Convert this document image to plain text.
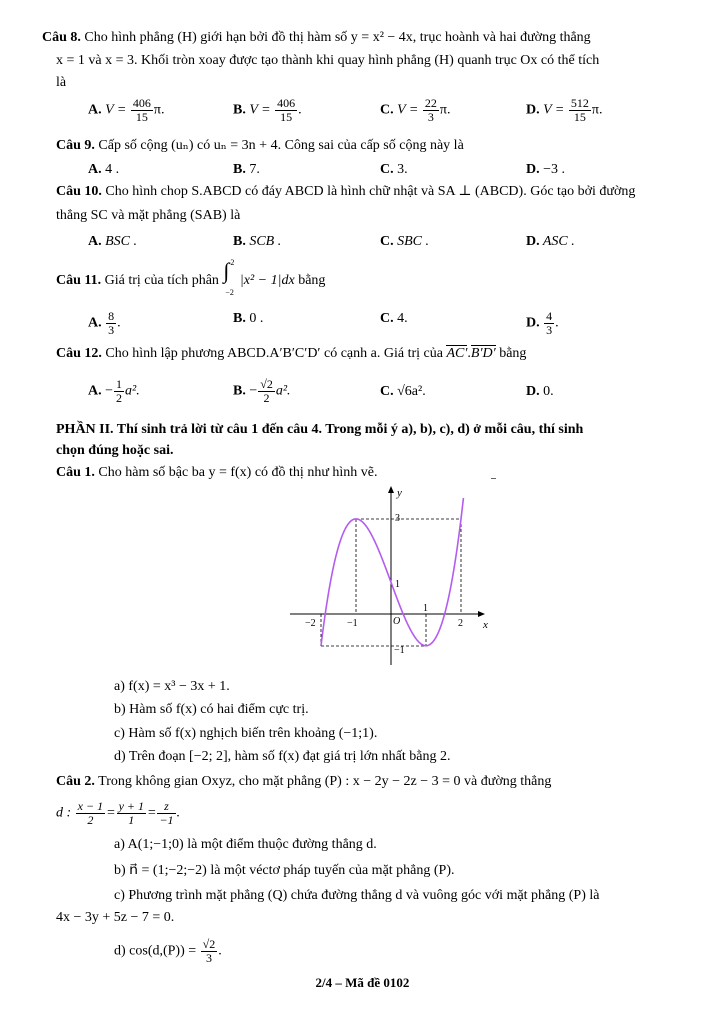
Câu 8. Cho hình phẳng (H) giới hạn bởi đồ thị hàm số y = x² − 4x, trục hoành và hai đường thẳng
x = 1 và x = 3. Khối tròn xoay được tạo thành khi quay hình phẳng (H) quanh trục Ox có thể tích
là
A. $V = \frac{406}{15} \pi$.	B. $V = \frac{406}{15}$ .	C. $V = \frac{22}{3} \pi$.	D. $V = \frac{512}{15} \pi$.
Câu 9. Cấp số cộng (uₙ) có uₙ = 3n + 4. Công sai của cấp số cộng này là
A. 4 .	B. 7.	C. 3.	D. −3 .
Câu 10. Cho hình chop S.ABCD có đáy ABCD là hình chữ nhật và SA ⊥ (ABCD). Góc tạo bởi đường
thẳng SC và mặt phẳng (SAB) là
A. BSC .	B. SCB .	C. SBC .	D. ASC .
Câu 11. Giá trị của tích phân ∫ 2
−2
|x² − 1|dx bằng
A. $\frac{8}{3}$ .	B. 0 .	C. 4.	D. $\frac{4}{3}$ .
Câu 12. Cho hình lập phương ABCD.A′B′C′D′ có cạnh a. Giá trị của AC′.B′D′ bằng
A. − $\frac{1}{2} a^2$.	B. − $\frac{√2}{2} a^2$.	C. √6a².	D. 0.
PHẦN II. Thí sinh trả lời từ câu 1 đến câu 4. Trong mỗi ý a), b), c), d) ở mỗi câu, thí sinh
chọn đúng hoặc sai.
Câu 1. Cho hàm số bậc ba y = f(x) có đồ thị như hình vẽ.
y
x
O
−2	−1
1
2
3
1
−1
a) f(x) = x³ − 3x + 1.
b) Hàm số f(x) có hai điểm cực trị.
c) Hàm số f(x) nghịch biến trên khoảng (−1;1).
d) Trên đoạn [−2; 2], hàm số f(x) đạt giá trị lớn nhất bằng 2.
Câu 2. Trong không gian Oxyz, cho mặt phẳng (P) : x − 2y − 2z − 3 = 0 và đường thẳng
d : $\frac{x - 1}{2} = \frac{y + 1}{1} = \frac{z}{-1}$ .
a) A(1;−1;0) là một điểm thuộc đường thẳng d.
b) n⃗ = (1;−2;−2) là một véctơ pháp tuyến của mặt phẳng (P).
c) Phương trình mặt phẳng (Q) chứa đường thẳng d và vuông góc với mặt phẳng (P) là
4x − 3y + 5z − 7 = 0.
d) $\cos(d,(P)) = \frac{√2}{3}$ .
2/4 – Mã đề 0102
